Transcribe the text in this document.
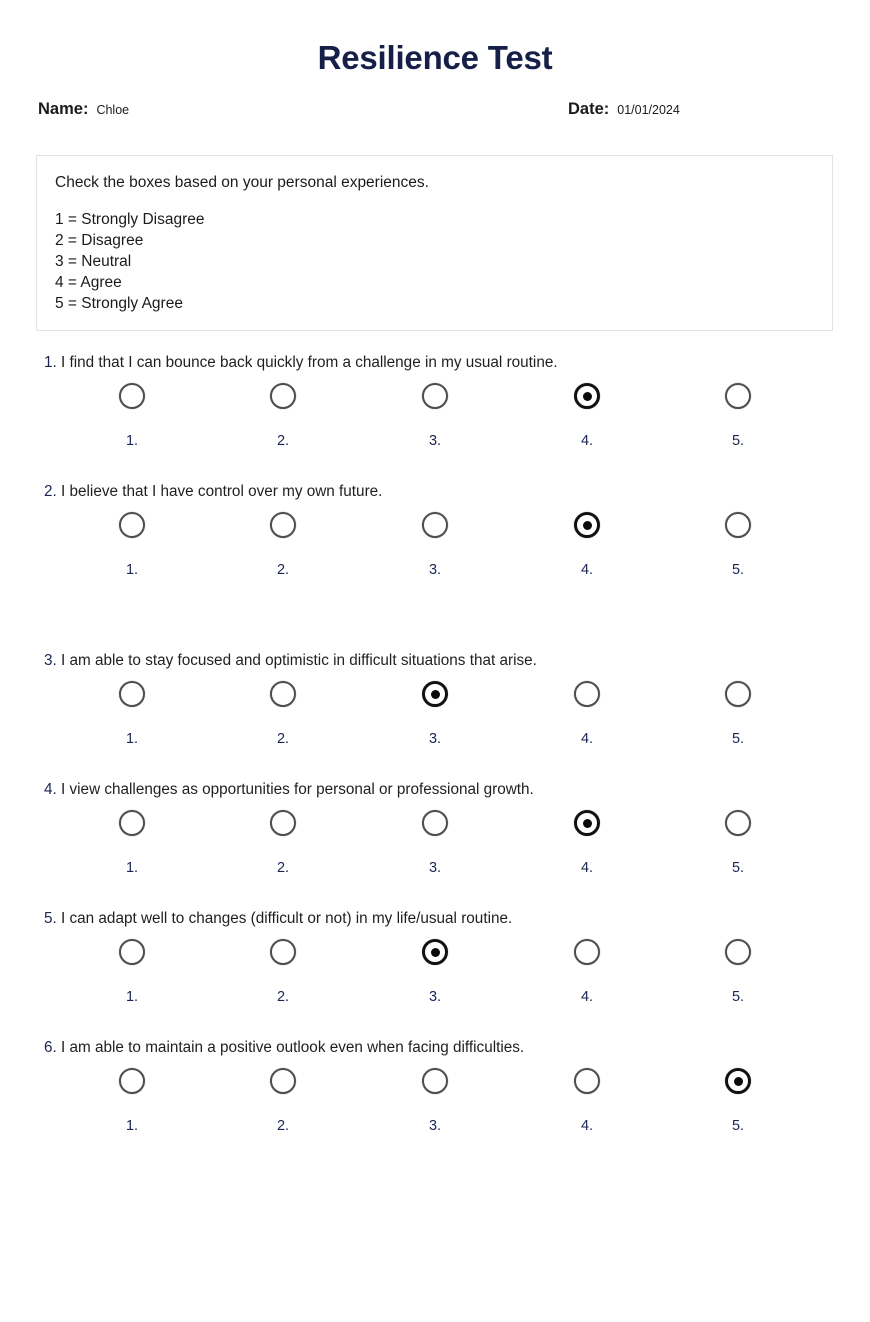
Resilience Test
Name: Chloe	Date: 01/01/2024

Check the boxes based on your personal experiences.

1 = Strongly Disagree
2 = Disagree
3 = Neutral
4 = Agree
5 = Strongly Agree

1. I find that I can bounce back quickly from a challenge in my usual routine.

1.	2.	3.	4.	5.

2. I believe that I have control over my own future.

1.	2.	3.	4.	5.

3. I am able to stay focused and optimistic in difficult situations that arise.

1.	2.	3.	4.	5.

4. I view challenges as opportunities for personal or professional growth.

1.	2.	3.	4.	5.

5. I can adapt well to changes (difficult or not) in my life/usual routine.

1.	2.	3.	4.	5.

6. I am able to maintain a positive outlook even when facing difficulties.

1.	2.	3.	4.	5.
